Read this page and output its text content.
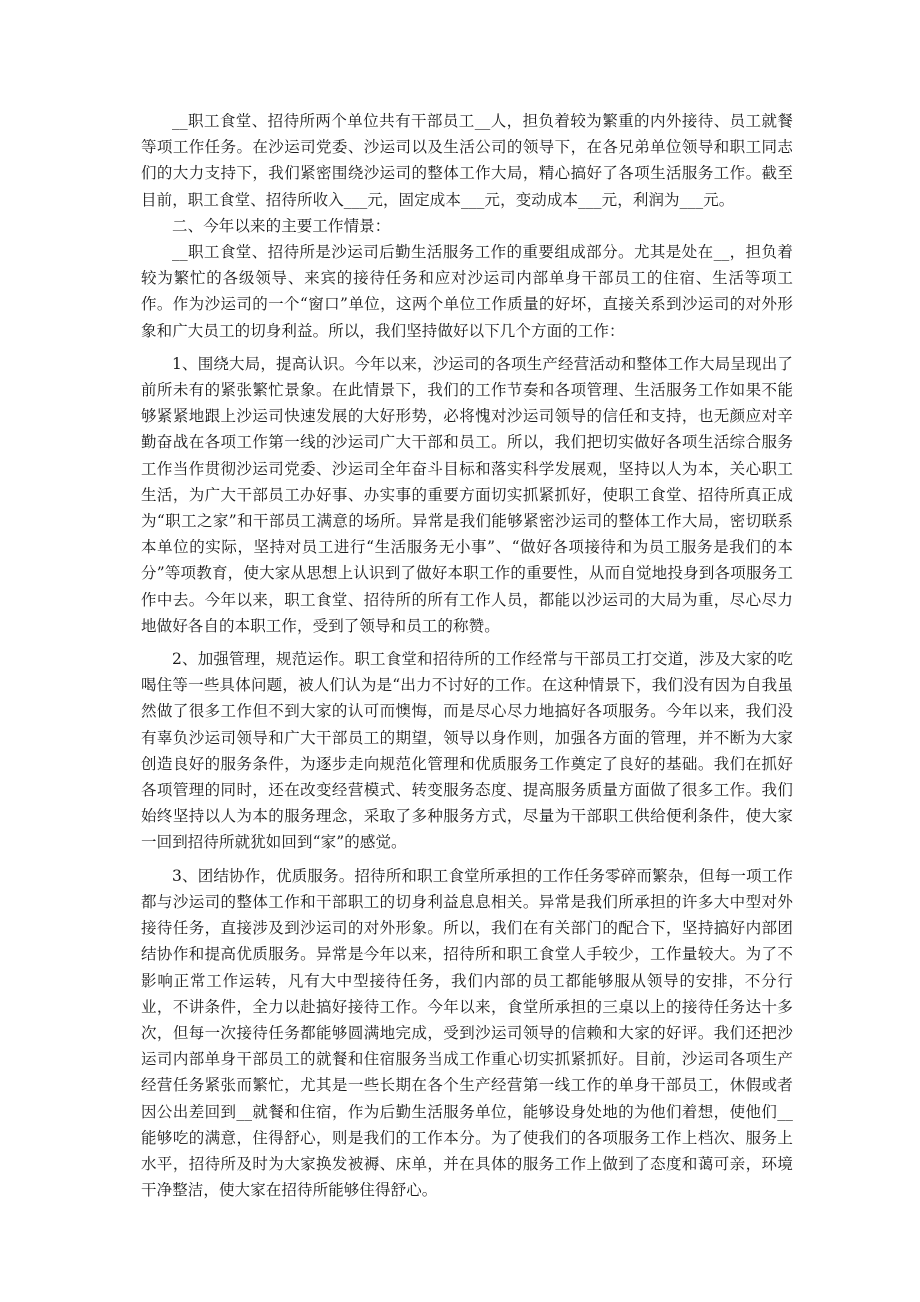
__职工食堂、招待所两个单位共有干部员工__人，担负着较为繁重的内外接待、员工就餐等项工作任务。在沙运司党委、沙运司以及生活公司的领导下，在各兄弟单位领导和职工同志们的大力支持下，我们紧密围绕沙运司的整体工作大局，精心搞好了各项生活服务工作。截至目前，职工食堂、招待所收入___元，固定成本___元，变动成本___元，利润为___元。

二、今年以来的主要工作情景：

__职工食堂、招待所是沙运司后勤生活服务工作的重要组成部分。尤其是处在__，担负着较为繁忙的各级领导、来宾的接待任务和应对沙运司内部单身干部员工的住宿、生活等项工作。作为沙运司的一个“窗口”单位，这两个单位工作质量的好坏，直接关系到沙运司的对外形象和广大员工的切身利益。所以，我们坚持做好以下几个方面的工作：

1、围绕大局，提高认识。今年以来，沙运司的各项生产经营活动和整体工作大局呈现出了前所未有的紧张繁忙景象。在此情景下，我们的工作节奏和各项管理、生活服务工作如果不能够紧紧地跟上沙运司快速发展的大好形势，必将愧对沙运司领导的信任和支持，也无颜应对辛勤奋战在各项工作第一线的沙运司广大干部和员工。所以，我们把切实做好各项生活综合服务工作当作贯彻沙运司党委、沙运司全年奋斗目标和落实科学发展观，坚持以人为本，关心职工生活，为广大干部员工办好事、办实事的重要方面切实抓紧抓好，使职工食堂、招待所真正成为“职工之家”和干部员工满意的场所。异常是我们能够紧密沙运司的整体工作大局，密切联系本单位的实际，坚持对员工进行“生活服务无小事”、“做好各项接待和为员工服务是我们的本分”等项教育，使大家从思想上认识到了做好本职工作的重要性，从而自觉地投身到各项服务工作中去。今年以来，职工食堂、招待所的所有工作人员，都能以沙运司的大局为重，尽心尽力地做好各自的本职工作，受到了领导和员工的称赞。

2、加强管理，规范运作。职工食堂和招待所的工作经常与干部员工打交道，涉及大家的吃喝住等一些具体问题，被人们认为是“出力不讨好的工作。在这种情景下，我们没有因为自我虽然做了很多工作但不到大家的认可而懊悔，而是尽心尽力地搞好各项服务。今年以来，我们没有辜负沙运司领导和广大干部员工的期望，领导以身作则，加强各方面的管理，并不断为大家创造良好的服务条件，为逐步走向规范化管理和优质服务工作奠定了良好的基础。我们在抓好各项管理的同时，还在改变经营模式、转变服务态度、提高服务质量方面做了很多工作。我们始终坚持以人为本的服务理念，采取了多种服务方式，尽量为干部职工供给便利条件，使大家一回到招待所就犹如回到“家”的感觉。

3、团结协作，优质服务。招待所和职工食堂所承担的工作任务零碎而繁杂，但每一项工作都与沙运司的整体工作和干部职工的切身利益息息相关。异常是我们所承担的许多大中型对外接待任务，直接涉及到沙运司的对外形象。所以，我们在有关部门的配合下，坚持搞好内部团结协作和提高优质服务。异常是今年以来，招待所和职工食堂人手较少，工作量较大。为了不影响正常工作运转，凡有大中型接待任务，我们内部的员工都能够服从领导的安排，不分行业，不讲条件，全力以赴搞好接待工作。今年以来，食堂所承担的三桌以上的接待任务达十多次，但每一次接待任务都能够圆满地完成，受到沙运司领导的信赖和大家的好评。我们还把沙运司内部单身干部员工的就餐和住宿服务当成工作重心切实抓紧抓好。目前，沙运司各项生产经营任务紧张而繁忙，尤其是一些长期在各个生产经营第一线工作的单身干部员工，休假或者因公出差回到__就餐和住宿，作为后勤生活服务单位，能够设身处地的为他们着想，使他们__能够吃的满意，住得舒心，则是我们的工作本分。为了使我们的各项服务工作上档次、服务上水平，招待所及时为大家换发被褥、床单，并在具体的服务工作上做到了态度和蔼可亲，环境干净整洁，使大家在招待所能够住得舒心。
